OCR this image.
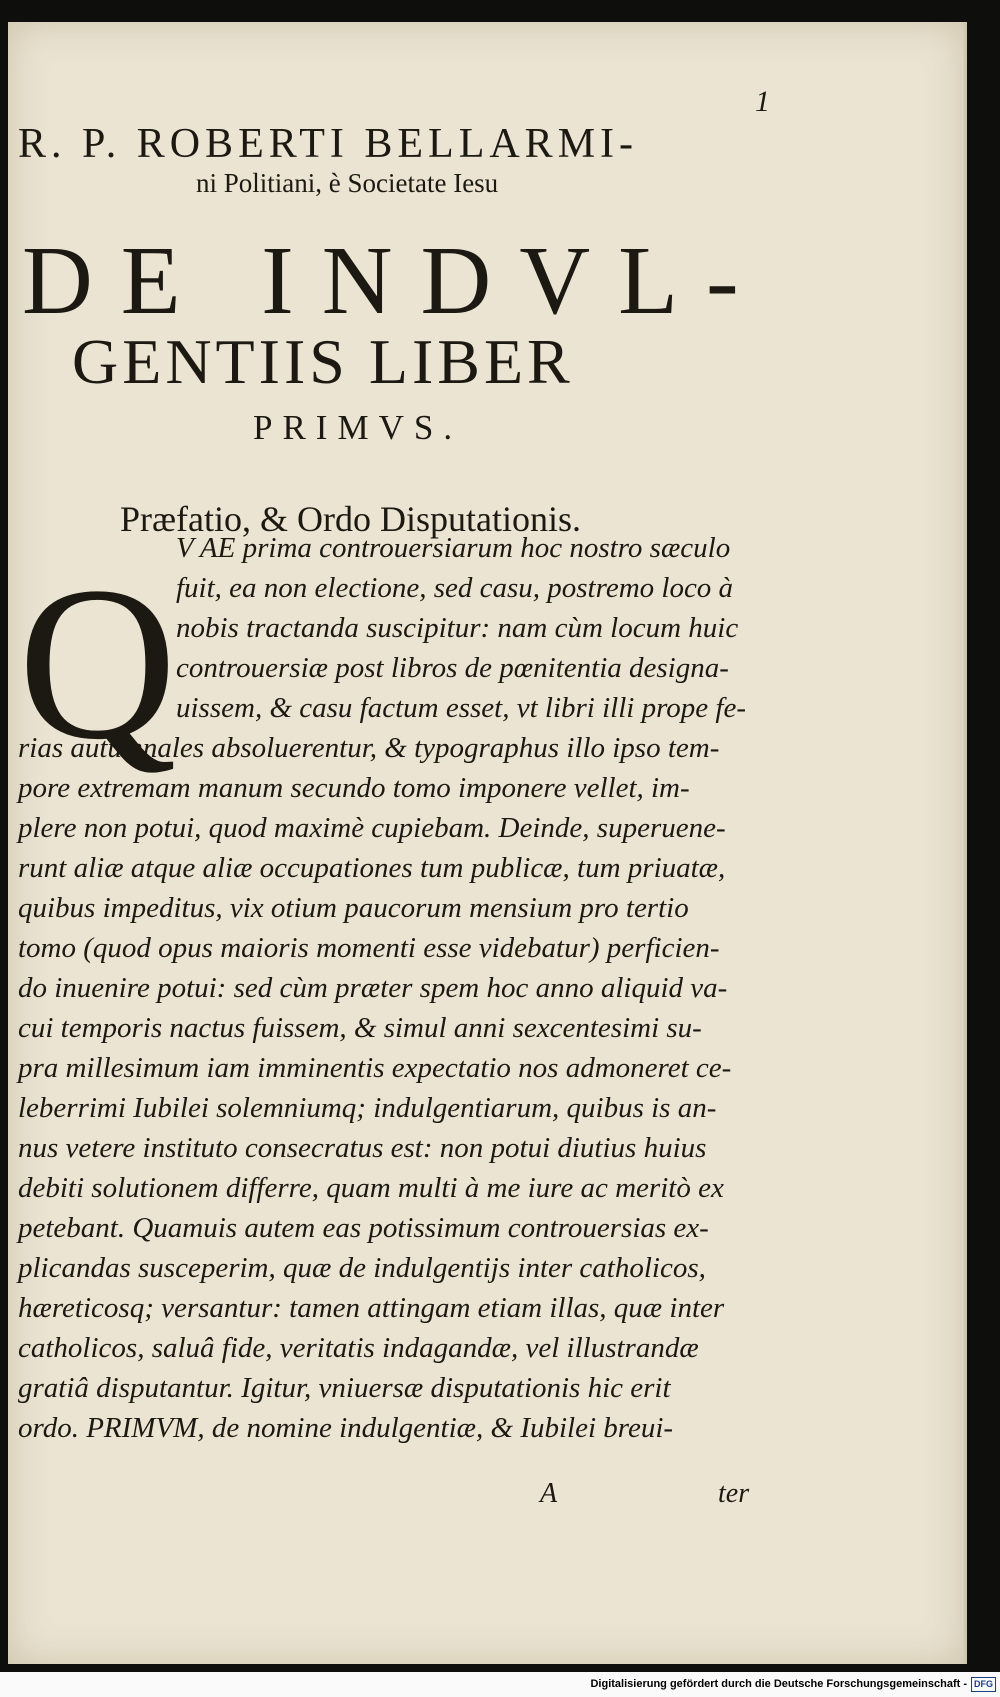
1
R. P. ROBERTI BELLARMI-
ni Politiani, è Societate Iesu
DE INDVL-
GENTIIS LIBER
PRIMVS.
Præfatio, & Ordo Disputationis.
Q V AE prima controuersiarum hoc nostro sæculo
fuit, ea non electione, sed casu, postremo loco à
nobis tractanda suscipitur: nam cùm locum huic
controuersiæ post libros de pœnitentia designa-
uissem, & casu factum esset, vt libri illi prope fe-
rias autumnales absoluerentur, & typographus illo ipso tem-
pore extremam manum secundo tomo imponere vellet, im-
plere non potui, quod maximè cupiebam. Deinde, superuene-
runt aliæ atque aliæ occupationes tum publicæ, tum priuatæ,
quibus impeditus, vix otium paucorum mensium pro tertio
tomo (quod opus maioris momenti esse videbatur) perficien-
do inuenire potui: sed cùm præter spem hoc anno aliquid va-
cui temporis nactus fuissem, & simul anni sexcentesimi su-
pra millesimum iam imminentis expectatio nos admoneret ce-
leberrimi Iubilei solemniumq; indulgentiarum, quibus is an-
nus vetere instituto consecratus est: non potui diutius huius
debiti solutionem differre, quam multi à me iure ac meritò ex
petebant. Quamuis autem eas potissimum controuersias ex-
plicandas susceperim, quæ de indulgentijs inter catholicos,
hæreticosq; versantur: tamen attingam etiam illas, quæ inter
catholicos, saluâ fide, veritatis indagandæ, vel illustrandæ
gratiâ disputantur. Igitur, vniuersæ disputationis hic erit
ordo. PRIMVM, de nomine indulgentiæ, & Iubilei breui-
A	ter
Digitalisierung gefördert durch die Deutsche Forschungsgemeinschaft - DFG
